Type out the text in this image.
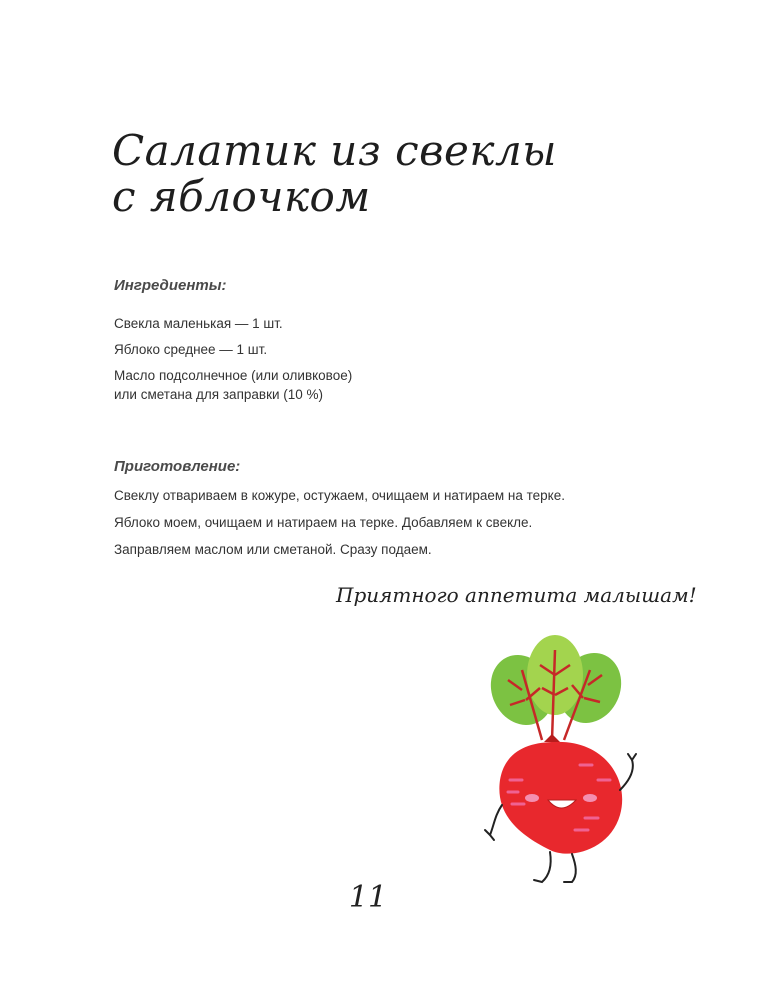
Салатик из свеклы
с яблочком
Ингредиенты:
Свекла маленькая — 1 шт.
Яблоко среднее — 1 шт.
Масло подсолнечное (или оливковое)
или сметана для заправки (10 %)
Приготовление:
Свеклу отвариваем в кожуре, остужаем, очищаем и натираем на терке.
Яблоко моем, очищаем и натираем на терке. Добавляем к свекле.
Заправляем маслом или сметаной. Сразу подаем.
Приятного аппетита малышам!
11
